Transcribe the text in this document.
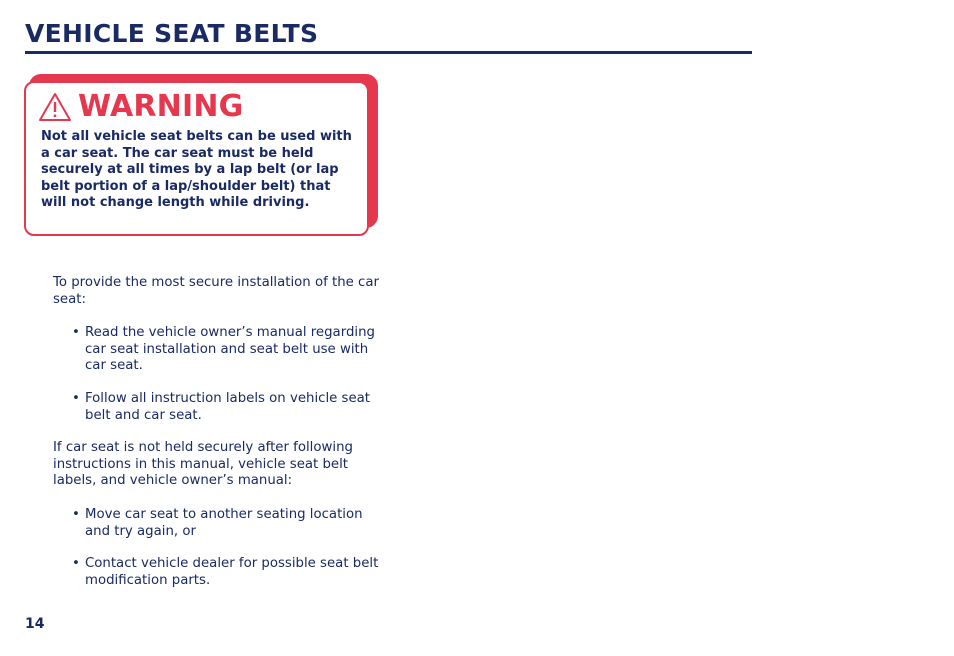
VEHICLE SEAT BELTS
WARNING

Not all vehicle seat belts can be used with a car seat. The car seat must be held securely at all times by a lap belt (or lap belt portion of a lap/shoulder belt) that will not change length while driving.

To provide the most secure installation of the car seat:

• Read the vehicle owner’s manual regarding car seat installation and seat belt use with car seat.
• Follow all instruction labels on vehicle seat belt and car seat.

If car seat is not held securely after following instructions in this manual, vehicle seat belt labels, and vehicle owner’s manual:

• Move car seat to another seating location and try again, or
• Contact vehicle dealer for possible seat belt modification parts.
14
